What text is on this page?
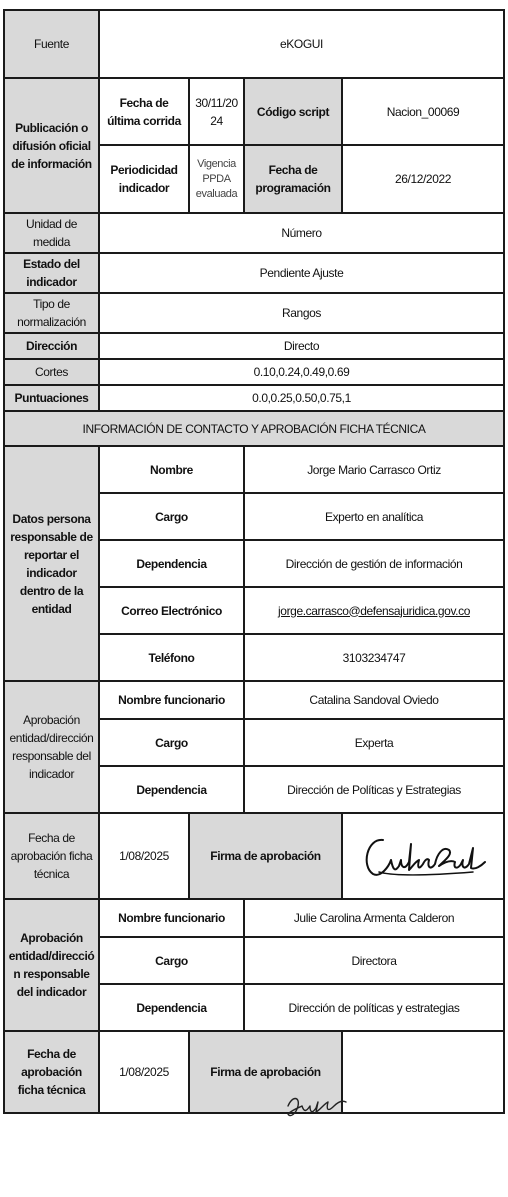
Fuente	eKOGUI			
Publicación o difusión oficial de información	Fecha de última corrida	30/11/2024	Código script	Nacion_00069
	Periodicidad indicador	Vigencia PPDA evaluada	Fecha de programación	26/12/2022
Unidad de medida	Número			
Estado del indicador	Pendiente Ajuste			
Tipo de normalización	Rangos			
Dirección	Directo			
Cortes	0.10,0.24,0.49,0.69			
Puntuaciones	0.0,0.25,0.50,0.75,1			
INFORMACIÓN DE CONTACTO Y APROBACIÓN FICHA TÉCNICA				
Datos persona responsable de reportar el indicador dentro de la entidad	Nombre		Jorge Mario Carrasco Ortiz	
	Cargo		Experto en analítica	
	Dependencia		Dirección de gestión de información	
	Correo Electrónico		jorge.carrasco@defensajuridica.gov.co	
	Teléfono		3103234747	
Aprobación entidad/dirección responsable del indicador	Nombre funcionario		Catalina Sandoval Oviedo	
	Cargo		Experta	
	Dependencia		Dirección de Políticas y Estrategias	
Fecha de aprobación ficha técnica	1/08/2025	Firma de aprobación	
Aprobación entidad/dirección responsable del indicador	Nombre funcionario		Julie Carolina Armenta Calderon	
	Cargo		Directora	
	Dependencia		Dirección de políticas y estrategias	
Fecha de aprobación ficha técnica	1/08/2025	Firma de aprobación		
